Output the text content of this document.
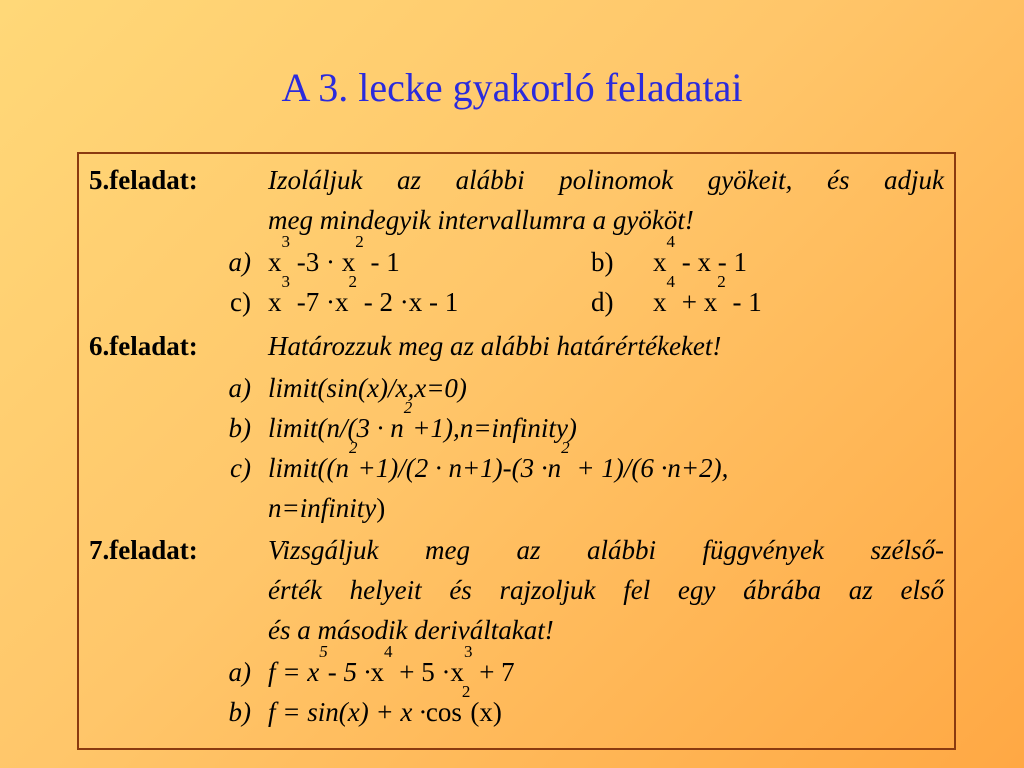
A 3. lecke gyakorló feladatai
5.feladat:	Izoláljuk az alábbi polinomok gyökeit, és adjuk
meg mindegyik intervallumra a gyököt!
a) $x^3$ $-3 \cdot x^2 - 1$	b) $x^4$ - x - 1
c) $x^3$ $-7 \cdot x^2 - 2 \cdot x - 1$	d) $x^4 + x^2 - 1$
6.feladat:	Határozzuk meg az alábbi határértékeket!
a) limit(sin(x)/x,x=0)
b) limit(n/(3 · $n^2+1),n=infinity$)
c) $limit((n^2+1)/(2 \cdot n+1)-(3 \cdot n^2 + 1)/(6 \cdot n+2)$,
n=infinity)
7.feladat:	Vizsgáljuk meg az alábbi függvények szélső-
érték helyeit és rajzoljuk fel egy ábrába az első
és a második deriváltakat!
a) $f = x^5-$ $5 \cdot x^4 + 5 \cdot x^3 + 7$
b) $f = \sin(x) + x \cdot\cos^2(x)$
